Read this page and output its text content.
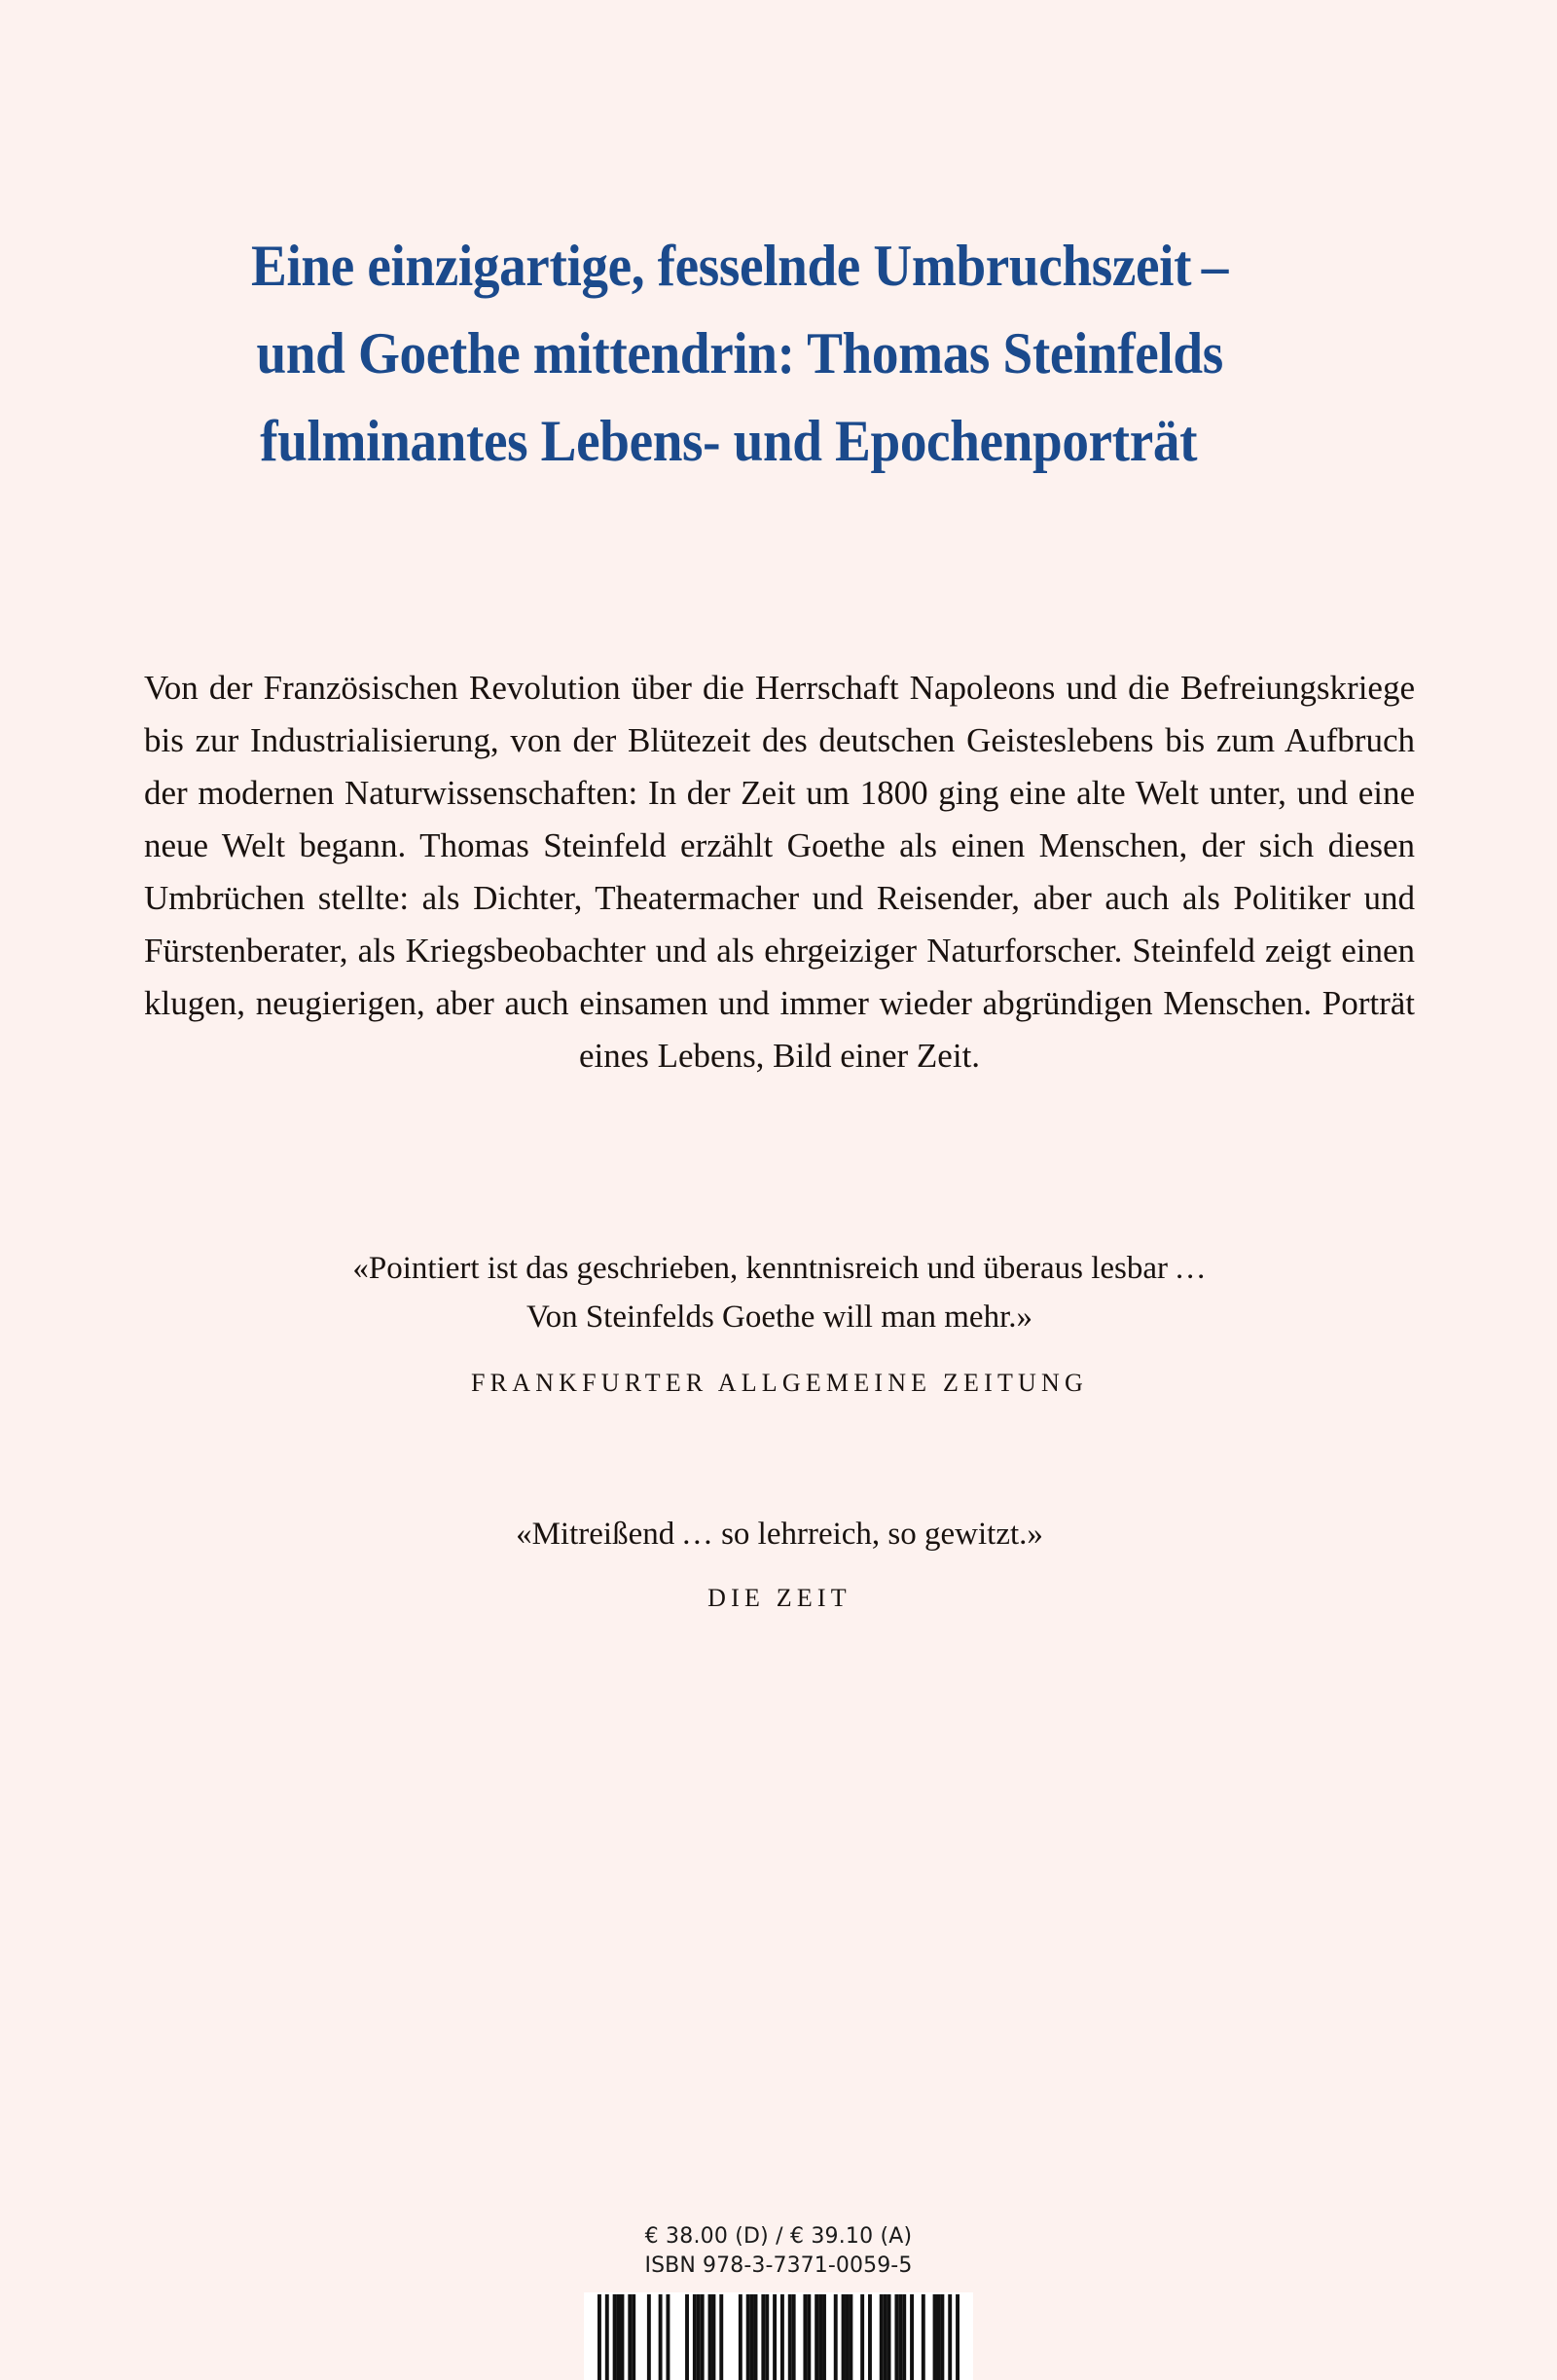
Eine einzigartige, fesselnde Umbruchszeit –
und Goethe mittendrin: Thomas Steinfelds
fulminantes Lebens- und Epochenporträt

Von der Französischen Revolution über die Herrschaft Napoleons und die Befreiungskriege bis zur Industrialisierung, von der Blütezeit des deutschen Geisteslebens bis zum Aufbruch der modernen Naturwissenschaften: In der Zeit um 1800 ging eine alte Welt unter, und eine neue Welt begann. Thomas Steinfeld erzählt Goethe als einen Menschen, der sich diesen Umbrüchen stellte: als Dichter, Theatermacher und Reisender, aber auch als Politiker und Fürstenberater, als Kriegsbeobachter und als ehrgeiziger Naturforscher. Steinfeld zeigt einen klugen, neugierigen, aber auch einsamen und immer wieder abgründigen Menschen. Porträt eines Lebens, Bild einer Zeit.

«Pointiert ist das geschrieben, kenntnisreich und überaus lesbar …
Von Steinfelds Goethe will man mehr.»
FRANKFURTER ALLGEMEINE ZEITUNG
«Mitreißend … so lehrreich, so gewitzt.»
DIE ZEIT
€ 38.00 (D) / € 39.10 (A)
ISBN 978-3-7371-0059-5
